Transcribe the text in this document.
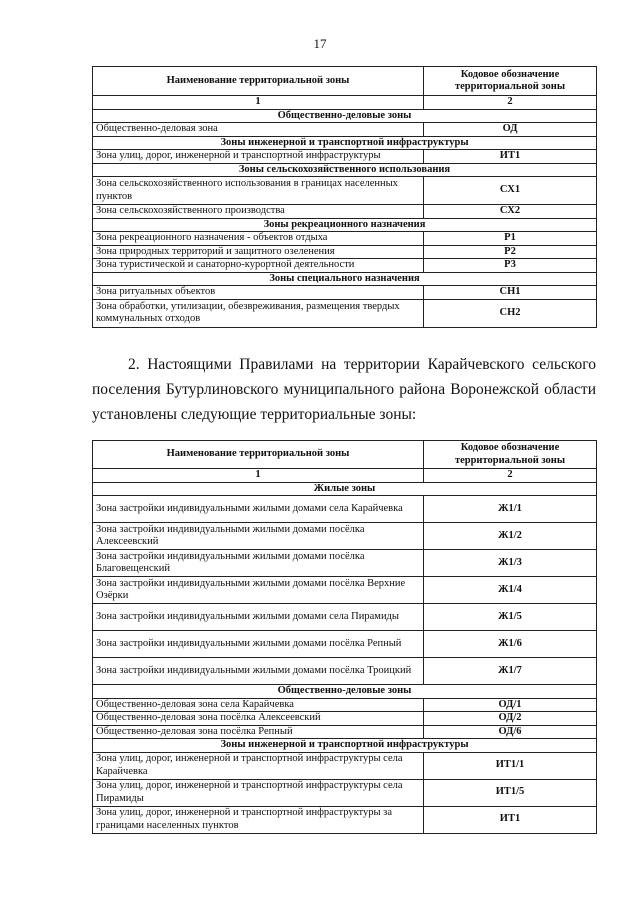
17
Наименование территориальной зоны	Кодовое обозначение территориальной зоны
1	2
Общественно-деловые зоны	
Общественно-деловая зона	ОД
Зоны инженерной и транспортной инфраструктуры	
Зона улиц, дорог, инженерной и транспортной инфраструктуры	ИТ1
Зоны сельскохозяйственного использования	
Зона сельскохозяйственного использования в границах населенных пунктов	СХ1
Зона сельскохозяйственного производства	СХ2
Зоны рекреационного назначения	
Зона рекреационного назначения - объектов отдыха	Р1
Зона природных территорий и защитного озеленения	Р2
Зона туристической и санаторно-курортной деятельности	Р3
Зоны специального назначения	
Зона ритуальных объектов	СН1
Зона обработки, утилизации, обезвреживания, размещения твердых коммунальных отходов	СН2
2. Настоящими Правилами на территории Карайчевского сельского поселения Бутурлиновского муниципального района Воронежской области установлены следующие территориальные зоны:
Наименование территориальной зоны	Кодовое обозначение территориальной зоны
1	2
Жилые зоны	
Зона застройки индивидуальными жилыми домами села Карайчевка	Ж1/1
Зона застройки индивидуальными жилыми домами посёлка Алексеевский	Ж1/2
Зона застройки индивидуальными жилыми домами посёлка Благовещенский	Ж1/3
Зона застройки индивидуальными жилыми домами посёлка Верхние Озёрки	Ж1/4
Зона застройки индивидуальными жилыми домами села Пирамиды	Ж1/5
Зона застройки индивидуальными жилыми домами посёлка Репный	Ж1/6
Зона застройки индивидуальными жилыми домами посёлка Троицкий	Ж1/7
Общественно-деловые зоны	
Общественно-деловая зона села Карайчевка	ОД/1
Общественно-деловая зона посёлка Алексеевский	ОД/2
Общественно-деловая зона посёлка Репный	ОД/6
Зоны инженерной и транспортной инфраструктуры	
Зона улиц, дорог, инженерной и транспортной инфраструктуры села Карайчевка	ИТ1/1
Зона улиц, дорог, инженерной и транспортной инфраструктуры села Пирамиды	ИТ1/5
Зона улиц, дорог, инженерной и транспортной инфраструктуры за границами населенных пунктов	ИТ1
